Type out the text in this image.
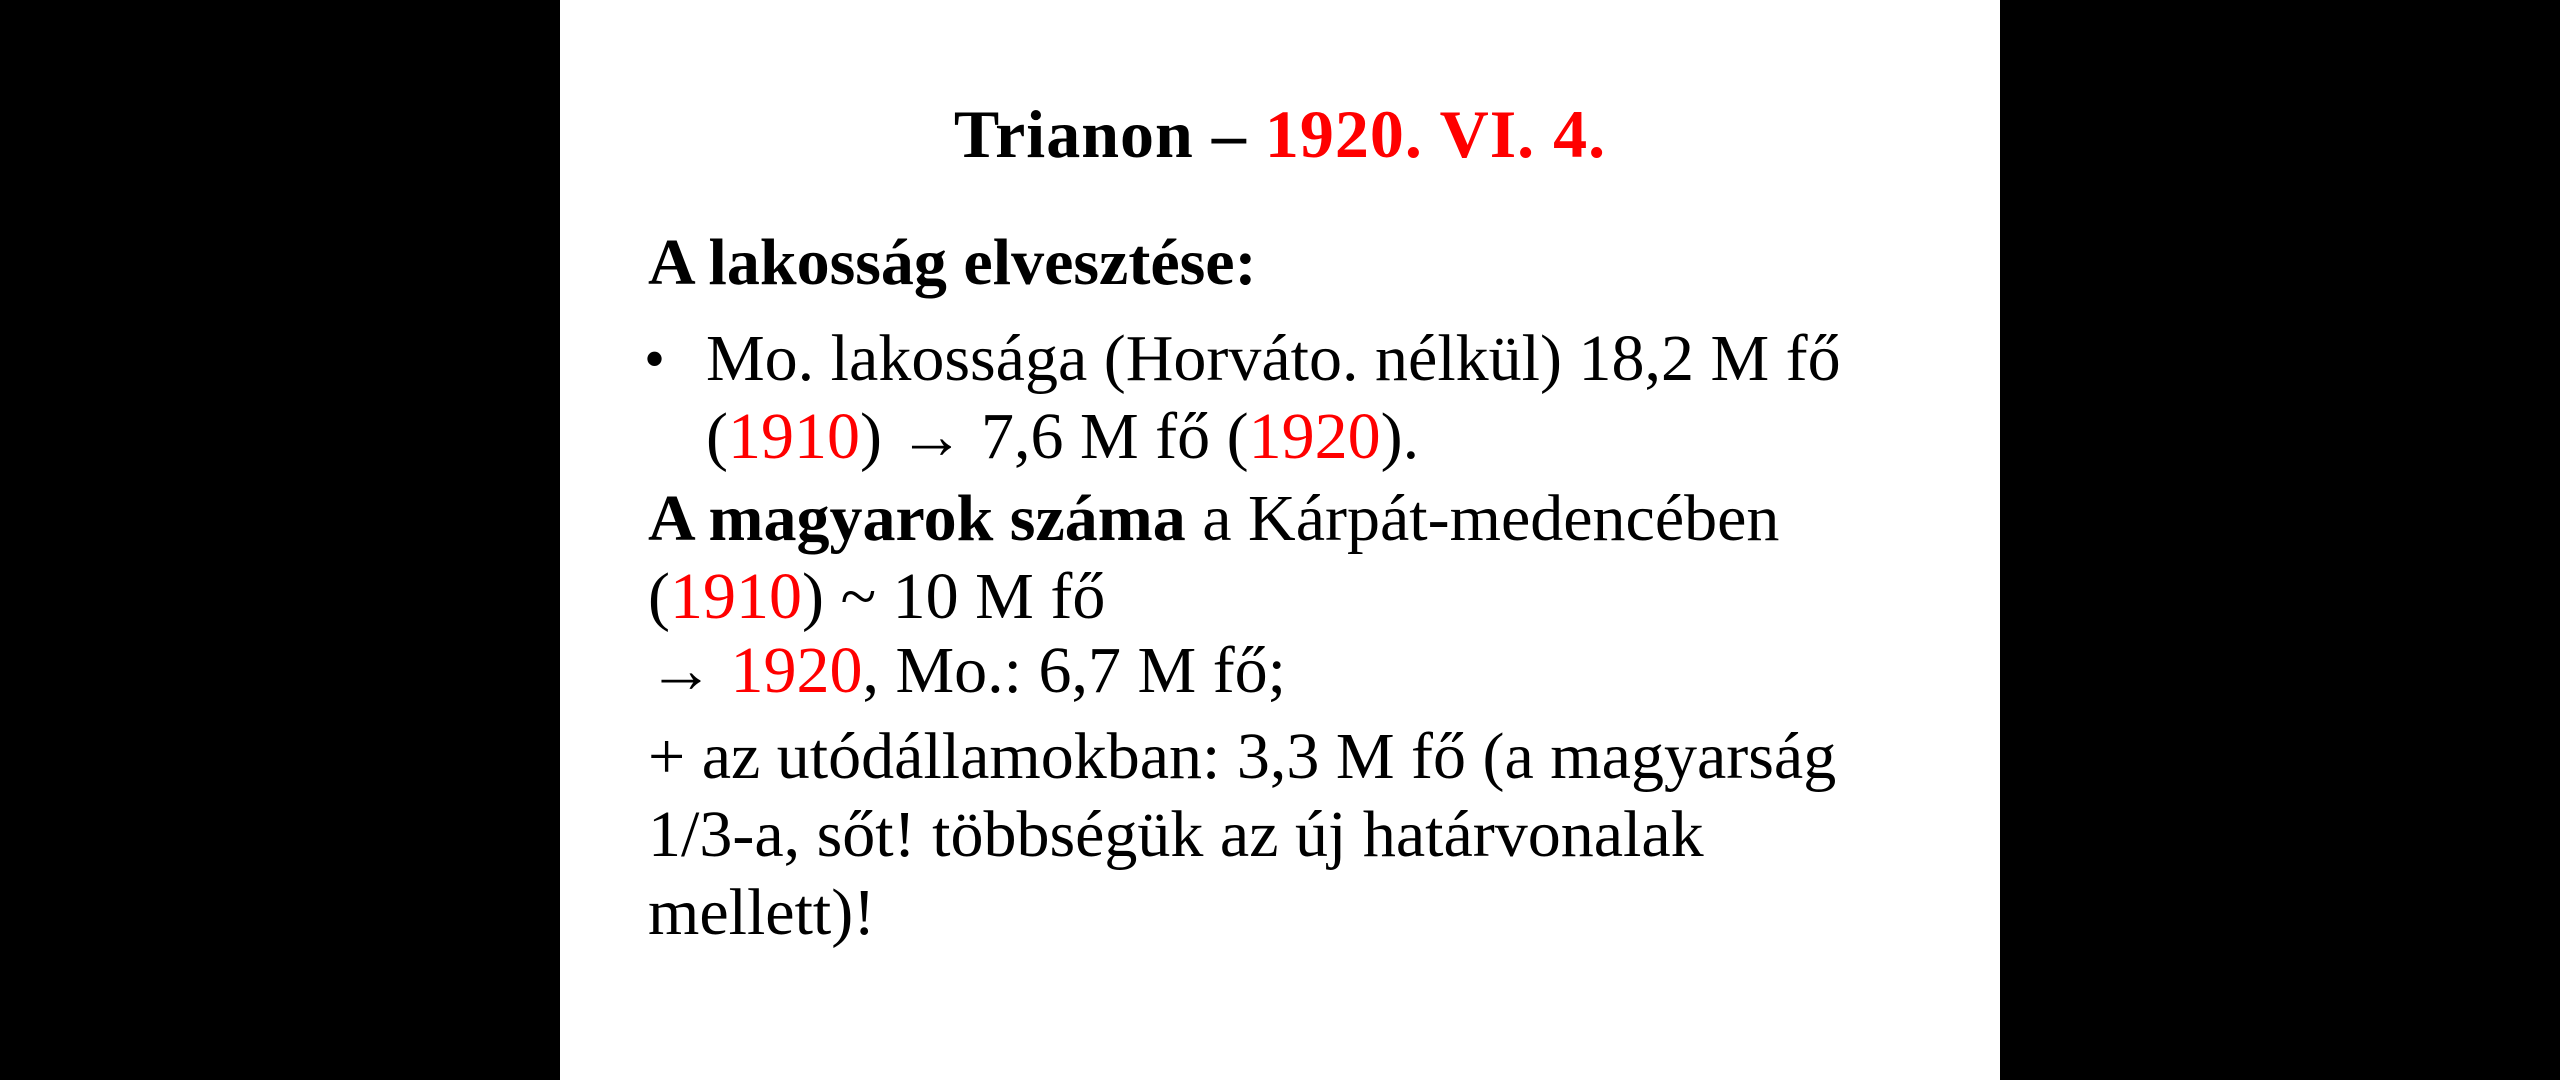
Trianon – 1920. VI. 4.
A lakosság elvesztése:
• Mo. lakossága (Horváto. nélkül) 18,2 M fő
(1910) → 7,6 M fő (1920).
A magyarok száma a Kárpát-medencében
(1910) ~ 10 M fő
→ 1920, Mo.: 6,7 M fő;
+ az utódállamokban: 3,3 M fő (a magyarság
1/3-a, sőt! többségük az új határvonalak
mellett)!
